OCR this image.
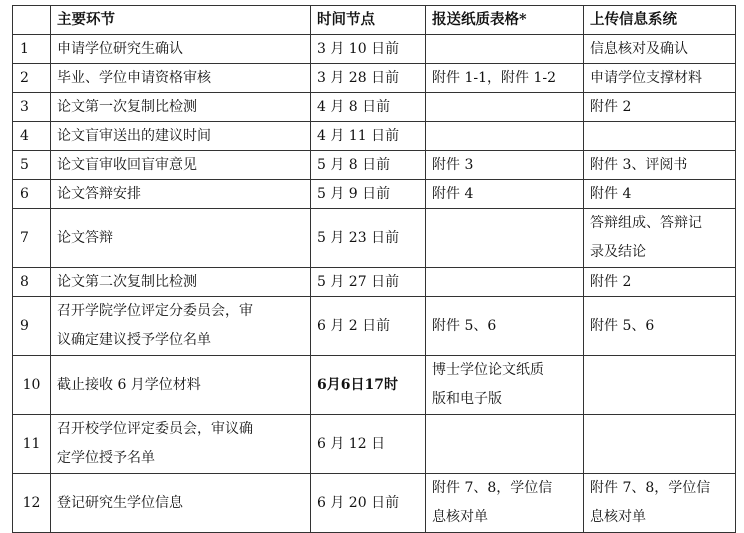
	主要环节	时间节点	报送纸质表格*	上传信息系统
1	申请学位研究生确认	3 月 10 日前		信息核对及确认
2	毕业、学位申请资格审核	3 月 28 日前	附件 1-1，附件 1-2	申请学位支撑材料
3	论文第一次复制比检测	4 月 8 日前		附件 2
4	论文盲审送出的建议时间	4 月 11 日前		
5	论文盲审收回盲审意见	5 月 8 日前	附件 3	附件 3、评阅书
6	论文答辩安排	5 月 9 日前	附件 4	附件 4
7	论文答辩	5 月 23 日前		答辩组成、答辩记
录及结论

8	论文第二次复制比检测	5 月 27 日前		附件 2
9	召开学院学位评定分委员会，审
议确定建议授予学位名单	6 月 2 日前	附件 5、6	附件 5、6
10	截止接收 6 月学位材料	6月6日17时	博士学位论文纸质
版和电子版	

11	召开校学位评定委员会，审议确
定学位授予名单	6 月 12 日		
12	登记研究生学位信息	6 月 20 日前	附件 7、8，学位信
息核对单	附件 7、8，学位信
息核对单
